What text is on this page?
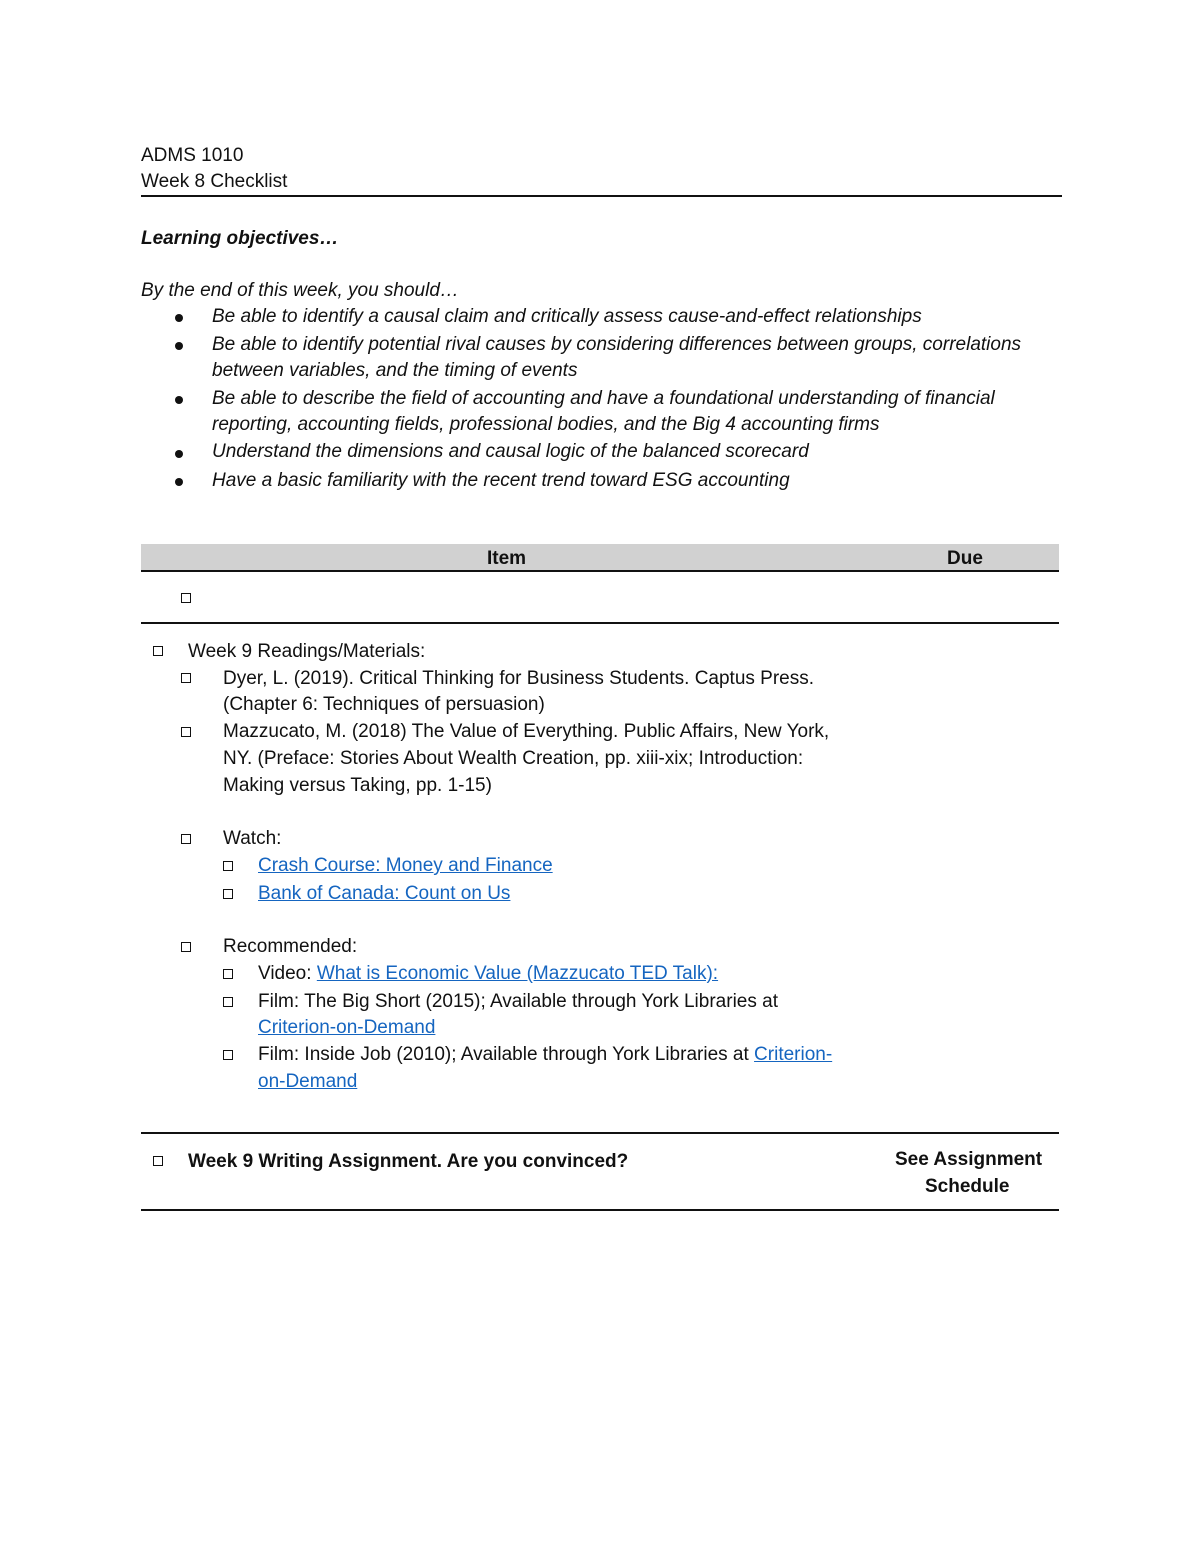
ADMS 1010
Week 8 Checklist
Learning objectives…
By the end of this week, you should…
Be able to identify a causal claim and critically assess cause-and-effect relationships
Be able to identify potential rival causes by considering differences between groups, correlations
between variables, and the timing of events
Be able to describe the field of accounting and have a foundational understanding of financial
reporting, accounting fields, professional bodies, and the Big 4 accounting firms
Understand the dimensions and causal logic of the balanced scorecard
Have a basic familiarity with the recent trend toward ESG accounting
Item	Due
Week 9 Readings/Materials:
Dyer, L. (2019). Critical Thinking for Business Students. Captus Press.
(Chapter 6: Techniques of persuasion)
Mazzucato, M. (2018) The Value of Everything. Public Affairs, New York,
NY. (Preface: Stories About Wealth Creation, pp. xiii-xix; Introduction:
Making versus Taking, pp. 1-15)
Watch:
Crash Course: Money and Finance
Bank of Canada: Count on Us
Recommended:
Video: What is Economic Value (Mazzucato TED Talk):
Film: The Big Short (2015); Available through York Libraries at
Criterion-on-Demand
Film: Inside Job (2010); Available through York Libraries at Criterion-
on-Demand
Week 9 Writing Assignment. Are you convinced?	See Assignment
Schedule
